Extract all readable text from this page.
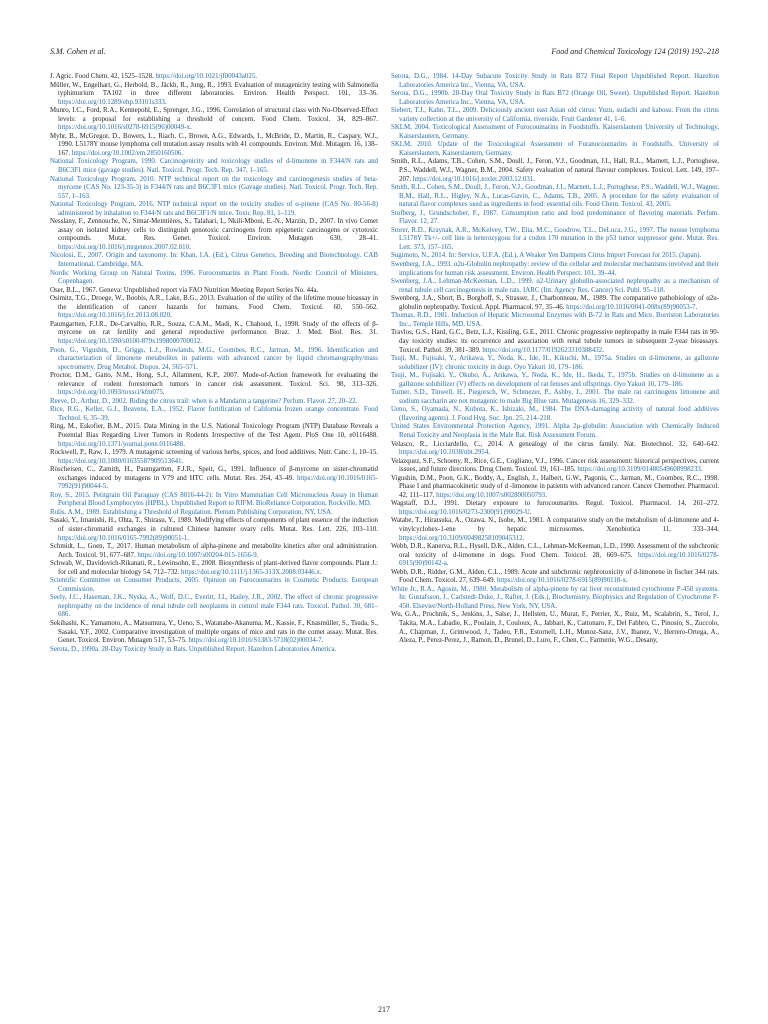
S.M. Cohen et al.	Food and Chemical Toxicology 124 (2019) 192–218

J. Agric. Food Chem. 42, 1525–1528. https://doi.org/10.1021/jf00043a025.

Müller, W., Engelhart, G., Herbold, B., Jäckh, R., Jung, R., 1993. Evaluation of mutagenicity testing with Salmonella typhimurium TA102 in three different laboratories. Environ. Health Perspect. 101, 33–36. https://doi.org/10.1289/ehp.93101s333.

Munro, I.C., Ford, R.A., Kennepohl, E., Sprenger, J.G., 1996. Correlation of structural class with No-Observed-Effect levels: a proposal for establishing a threshold of concern. Food Chem. Toxicol. 34, 829–867. https://doi.org/10.1016/s0278-6915(96)00049-x.

Myhr, B., McGregor, D., Bowers, L., Riach, C., Brown, A.G., Edwards, I., McBride, D., Martin, R., Caspary, W.J., 1990. L5178Y mouse lymphoma cell mutation assay results with 41 compounds. Environ. Mol. Mutagen. 16, 138–167. https://doi.org/10.1002/em.2850160506.

National Toxicology Program, 1990. Carcinogenicity and toxicology studies of d-limonene in F344/N rats and B6C3F1 mice (gavage studies). Natl. Toxicol. Progr. Tech. Rep. 347, 1–165.

National Toxicology Program, 2010. NTP technical report on the toxicology and carcinogenesis studies of beta-myrcene (CAS No. 123-35-3) in F344/N rats and B6C3F1 mice (Gavage studies). Natl. Toxicol. Progr. Tech. Rep. 557, 1–163.

National Toxicology Program, 2016. NTP technical report on the toxicity studies of α-pinene (CAS No. 80-56-8) administered by inhalation to F344/N rats and B6C3F1/N mice. Toxic Rep. 81, 1–119.

Nesslany, F., Zennouche, N., Simar-Meintières, S., Talahari, I., Nkili-Mboui, E.-N., Marzin, D., 2007. In vivo Comet assay on isolated kidney cells to distinguish genotoxic carcinogens from epigenetic carcinogens or cytotoxic compounds. Mutat. Res. Genet. Toxicol. Environ. Mutagen 630, 28–41. https://doi.org/10.1016/j.mrgentox.2007.02.010.

Nicolosi, E., 2007. Origin and taxonomy. In: Khan, I.A. (Ed.), Citrus Genetics, Breeding and Biotechnology. CAB International, Cambridge, MA.

Nordic Working Group on Natural Toxins, 1996. Furocoumarins in Plant Foods. Nordic Council of Ministers, Copenhagen.

Oser, B.L., 1967. Geneva: Unpublished report via FAO Nutrition Meeting Report Series No. 44a.

Osimitz, T.G., Droege, W., Boobis, A.R., Lake, B.G., 2013. Evaluation of the utility of the lifetime mouse bioassay in the identification of cancer hazards for humans. Food Chem. Toxicol. 60, 550–562. https://doi.org/10.1016/j.fct.2013.08.020.

Paumgartten, F.J.R., De-Carvalho, R.R., Souza, C.A.M., Madi, K., Chahoud, I., 1998. Study of the effects of β-myrcene on rat fertility and general reproductive performance. Braz. J. Med. Biol. Res. 31. https://doi.org/10.1590/s0100-879x1998000700012.

Poon, G., Vigushin, D., Griggs, L.J., Rowlands, M.G., Coombes, R.C., Jarman, M., 1996. Identification and characterization of limonene metabolites in patients with advanced cancer by liquid chromatography/mass spectrometry. Drug Metabol. Dispos. 24, 565–571.

Proctor, D.M., Gatto, N.M., Hong, S.J., Allamneni, K.P., 2007. Mode-of-Action framework for evaluating the relevance of rodent forestomach tumors in cancer risk assessment. Toxicol. Sci. 98, 313–326. https://doi.org/10.1093/toxsci/kfm075.

Reeve, D., Arthur, D., 2002. Riding the citrus trail: when is a Mandarin a tangerine? Perfum. Flavor. 27, 20–22.

Rice, R.G., Keller, G.J., Beavens, E.A., 1952. Flavor fortification of California frozen orange concentrate. Food Technol. 6, 35–39.

Ring, M., Eskofier, B.M., 2015. Data Mining in the U.S. National Toxicology Program (NTP) Database Reveals a Potential Bias Regarding Liver Tumors in Rodents Irrespective of the Test Agent. PloS One 10, e0116488. https://doi.org/10.1371/journal.pone.0116488.

Rockwell, P., Raw, I., 1979. A mutagenic screening of various herbs, spices, and food additives. Nutr. Canc. 1, 10–15. https://doi.org/10.1080/01635587909513641.

Röscheisen, C., Zamith, H., Paumgartten, F.J.R., Speit, G., 1991. Influence of β-myrcene on sister-chromatid exchanges induced by mutagens in V79 and HTC cells. Mutat. Res. 264, 43–49. https://doi.org/10.1016/0165-7992(91)90044-5.

Roy, S., 2015. Petitgrain Oil Paraguay (CAS 8016-44-2): In Vitro Mammalian Cell Micronucleus Assay in Human Peripheral Blood Lymphocytes (HPBL). Unpublished Report to RIFM. BioReliance Corporation, Rockville, MD.

Rulis, A.M., 1989. Establishing a Threshold of Regulation. Plenum Publishing Corporation, NY, USA.

Sasaki, Y., Imanishi, H., Ohta, T., Shirasu, Y., 1989. Modifying effects of components of plant essence of the induction of sister-chromatid exchanges in cultured Chinese hamster ovary cells. Mutat. Res. Lett. 226, 103–110. https://doi.org/10.1016/0165-7992(89)90051-1.

Schmidt, L., Goen, T., 2017. Human metabolism of alpha-pinene and metabolite kinetics after oral administration. Arch. Toxicol. 91, 677–687. https://doi.org/10.1007/s00204-015-1656-9.

Schwab, W., Davidovich-Rikanati, R., Lewinsohn, E., 2008. Biosynthesis of plant-derived flavor compounds. Plant J.: for cell and molecular biology 54, 712–732. https://doi.org/10.1111/j.1365-313X.2008.03446.x.

Scientific Committee on Consumer Products, 2005. Opinion on Furocoumarins in Cosmetic Products. European Commission.

Seely, J.C., Haseman, J.K., Nyska, A., Wolf, D.C., Everitt, J.I., Hailey, J.R., 2002. The effect of chronic progressive nephropathy on the incidence of renal tubule cell neoplasms in control male F344 rats. Toxicol. Pathol. 30, 681–686.

Sekihashi, K., Yamamoto, A., Matsumura, Y., Ueno, S., Watanabe-Akanuma, M., Kassie, F., Knasmüller, S., Tsuda, S., Sasaki, Y.F., 2002. Comparative investigation of multiple organs of mice and rats in the comet assay. Mutat. Res. Genet. Toxicol. Environ. Mutagen 517, 53–75. https://doi.org/10.1016/S1383-5718(02)00034-7.

Serota, D., 1990a. 28-Day Toxicity Study in Rats. Unpublished Report. Hazelton Laboratories America.

Serota, D.G., 1984. 14-Day Subacute Toxicity Study in Rats B72 Final Report Unpublished Report. Hazelton Laboratories America Inc., Vienna, VA, USA.

Serota, D.G., 1990b. 28-Day Oral Toxicity Study in Rats B72 (Orange Oil, Sweet). Unpublished Report. Hazelton Laboratories America Inc., Vienna, VA, USA.

Siebert, T.J., Kahn, T.L., 2009. Deliciously ancient east Asian old citrus: Yuzu, sudachi and kabosu. From the citrus variety collection at the university of California, riverside. Fruit Gardener 41, 1–6.

SKLM, 2004. Toxicological Assessment of Furocoumarins in Foodstuffs. Kaiserslautern University of Technology, Kaiserslautern, Germany.

SKLM, 2010. Update of the Toxicological Assessment of Furanocoumarins in Foodstuffs. University of Kaiserslautern, Kaiserslautern, Germany.

Smith, R.L., Adams, T.B., Cohen, S.M., Doull, J., Feron, V.J., Goodman, J.I., Hall, R.L., Marnett, L.J., Portoghese, P.S., Waddell, W.J., Wagner, B.M., 2004. Safety evaluation of natural flavour complexes. Toxicol. Lett. 149, 197–207. https://doi.org/10.1016/j.toxlet.2003.12.031.

Smith, R.L., Cohen, S.M., Doull, J., Feron, V.J., Goodman, J.I., Marnett, L.J., Portoghese, P.S., Waddell, W.J., Wagner, B.M., Hall, R.L., Higley, N.A., Lucas-Gavin, C., Adams, T.B., 2005. A procedure for the safety evaluation of natural flavor complexes used as ingredients in food: essential oils. Food Chem. Toxicol. 43, 2005.

Stofberg, J., Grundschober, F., 1987. Consumption ratio and food predominance of flavoring materials. Perfum. Flavor. 12, 27.

Storer, R.D., Kraynak, A.R., McKelvey, T.W., Elia, M.C., Goodrow, T.L., DeLuca, J.G., 1997. The mouse lymphoma L5178Y Tk+/- cell line is heterozygous for a codon 170 mutation in the p53 tumor suppressor gene. Mutat. Res. Lett. 373, 157–165.

Sugimoto, N., 2014. In: Service, U.F.A. (Ed.), A Weaker Yen Dampens Citrus Import Forecast for 2015. (Japan).

Swenberg, J.A., 1993. α2u-Globulin nephropathy: review of the cellular and molecular mechanisms involved and their implications for human risk assessment. Environ. Health Perspect. 101, 39–44.

Swenberg, J.A., Lehman-McKeeman, L.D., 1999. α2-Urinary globulin-associated nephropathy as a mechanism of renal tubule cell carcinogenesis in male rats. IARC (Int. Agency Res. Cancer) Sci. Publ. 95–118.

Swenberg, J.A., Short, B., Borghoff, S., Strasser, J., Charbonneau, M., 1989. The comparative pathobiology of α2u-globulin nephropathy. Toxicol. Appl. Pharmacol. 97, 35–46. https://doi.org/10.1016/0041-008x(89)90053-7.

Thomas, R.D., 1981. Induction of Hepatic Microsomal Enzymes with B-72 in Rats and Mice. Borriston Laboratories Inc., Temple Hills, MD, USA.

Travlos, G.S., Hard, G.C., Betz, L.J., Kissling, G.E., 2011. Chronic progressive nephropathy in male F344 rats in 90-day toxicity studies: its occurrence and association with renal tubule tumors in subsequent 2-year bioassays. Toxicol. Pathol. 39, 381–389. https://doi.org/10.1177/0192623310388432.

Tsuji, M., Fujisaki, Y., Arikawa, Y., Noda, K., Ide, H., Kikuchi, M., 1975a. Studies on d-limonene, as gallstone solubilizer (IV): chronic toxicity in dogs. Oyo Yakuri 10, 179–186.

Tsuji, M., Fujisaki, Y., Okubo, A., Arikawa, Y., Noda, K., Ide, H., Ikeda, T., 1975b. Studies on d-limonene as a gallstone solubilizer (V) effects on development of rat fetuses and offsprings. Oyo Yakuri 10, 179–186.

Turner, S.D., Tinwell, H., Piegorsch, W., Schmezer, P., Ashby, J., 2001. The male rat carcinogens limonene and sodium saccharin are not mutagenic to male Big Blue rats. Mutagenesis 16, 329–332.

Ueno, S., Oyamada, N., Kubota, K., Ishizaki, M., 1984. The DNA-damaging activity of natural food additives (flavoring agents). J. Food Hyg. Soc. Jpn. 25, 214–218.

United States Environmental Protection Agency, 1991. Alpha 2μ-globulin: Association with Chemically Induced Renal Toxicity and Neoplasia in the Male Rat. Risk Assessment Forum.

Velasco, R., Licciardello, C., 2014. A genealogy of the citrus family. Nat. Biotechnol. 32, 640–642. https://doi.org/10.1038/nbt.2954.

Velazquez, S.F., Schoeny, R., Rice, G.E., Cogliano, V.J., 1996. Cancer risk assessment: historical perspectives, current issues, and future directions. Drug Chem. Toxicol. 19, 161–185. https://doi.org/10.3109/01480549608998233.

Vigushin, D.M., Poon, G.K., Boddy, A., English, J., Halbert, G.W., Pagonis, C., Jarman, M., Coombes, R.C., 1998. Phase I and pharmacokinetic study of d -limonene in patients with advanced cancer. Cancer Chemother. Pharmacol. 42, 111–117. https://doi.org/10.1007/s002800050793.

Wagstaff, D.J., 1991. Dietary exposure to furocoumarins. Regul. Toxicol. Pharmacol. 14, 261–272. https://doi.org/10.1016/0273-2300(91)90029-U.

Watabe, T., Hiratsuka, A., Ozawa, N., Isobe, M., 1981. A comparative study on the metabolism of d-limonene and 4-vinylcyclohex-1-ene by hepatic microsomes. Xenobiotica 11, 333–344. https://doi.org/10.3109/00498258109045312.

Webb, D.R., Kanerva, R.L., Hysell, D.K., Alden, C.L., Lehman-McKeeman, L.D., 1990. Assessment of the subchronic oral toxicity of d-limonene in dogs. Food Chem. Toxicol. 28, 669–675. https://doi.org/10.1016/0278-6915(90)90142-a.

Webb, D.R., Ridder, G.M., Alden, C.L., 1989. Acute and subchronic nephrotoxicity of d-limonene in fischer 344 rats. Food Chem. Toxicol. 27, 639–649. https://doi.org/10.1016/0278-6915(89)90118-x.

White Jr., R.A., Agosin, M., 1980. Metabolism of alpha-pinene by rat liver reconstituted cytochrome P-450 systems. In: Gustafsson, J., Carlstedt-Duke, J., Rafter, J. (Eds.), Biochemistry, Biophysics and Regulation of Cytochrome P-450. Elsevier/North-Holland Press, New York, NY, USA.

Wu, G.A., Prochnik, S., Jenkins, J., Salse, J., Hellsten, U., Murat, F., Perrier, X., Ruiz, M., Scalabrin, S., Terol, J., Takita, M.A., Labadie, K., Poulain, J., Couloux, A., Jabbari, K., Cattonaro, F., Del Fabbro, C., Pinosio, S., Zuccolo, A., Chapman, J., Grimwood, J., Tadeo, F.R., Estornell, L.H., Munoz-Sanz, J.V., Ibanez, V., Herrero-Ortega, A., Aleza, P., Perez-Perez, J., Ramon, D., Brunel, D., Luro, F., Chen, C., Farmerie, W.G., Desany,

217
